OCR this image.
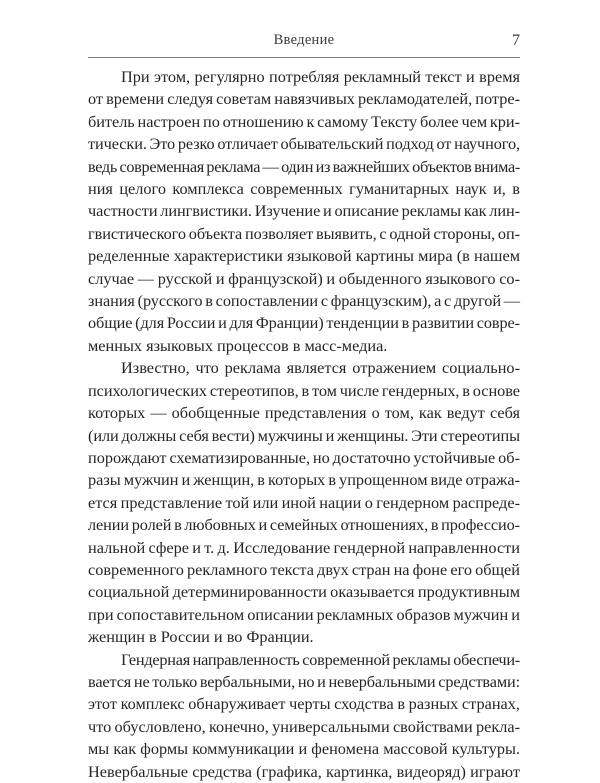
Введение	7
При этом, регулярно потребляя рекламный текст и время
от времени следуя советам навязчивых рекламодателей, потре-
битель настроен по отношению к самому Тексту более чем кри-
тически. Это резко отличает обывательский подход от научного,
ведь современная реклама — один из важнейших объектов внима-
ния целого комплекса современных гуманитарных наук и, в
частности лингвистики. Изучение и описание рекламы как лин-
гвистического объекта позволяет выявить, с одной стороны, оп-
ределенные характеристики языковой картины мира (в нашем
случае — русской и французской) и обыденного языкового со-
знания (русского в сопоставлении с французским), а с другой —
общие (для России и для Франции) тенденции в развитии совре-
менных языковых процессов в масс-медиа.
Известно, что реклама является отражением социально-
психологических стереотипов, в том числе гендерных, в основе
которых — обобщенные представления о том, как ведут себя
(или должны себя вести) мужчины и женщины. Эти стереотипы
порождают схематизированные, но достаточно устойчивые об-
разы мужчин и женщин, в которых в упрощенном виде отража-
ется представление той или иной нации о гендерном распреде-
лении ролей в любовных и семейных отношениях, в профессио-
нальной сфере и т. д. Исследование гендерной направленности
современного рекламного текста двух стран на фоне его общей
социальной детерминированности оказывается продуктивным
при сопоставительном описании рекламных образов мужчин и
женщин в России и во Франции.
Гендерная направленность современной рекламы обеспечи-
вается не только вербальными, но и невербальными средствами:
этот комплекс обнаруживает черты сходства в разных странах,
что обусловлено, конечно, универсальными свойствами рекла-
мы как формы коммуникации и феномена массовой культуры.
Невербальные средства (графика, картинка, видеоряд) играют
